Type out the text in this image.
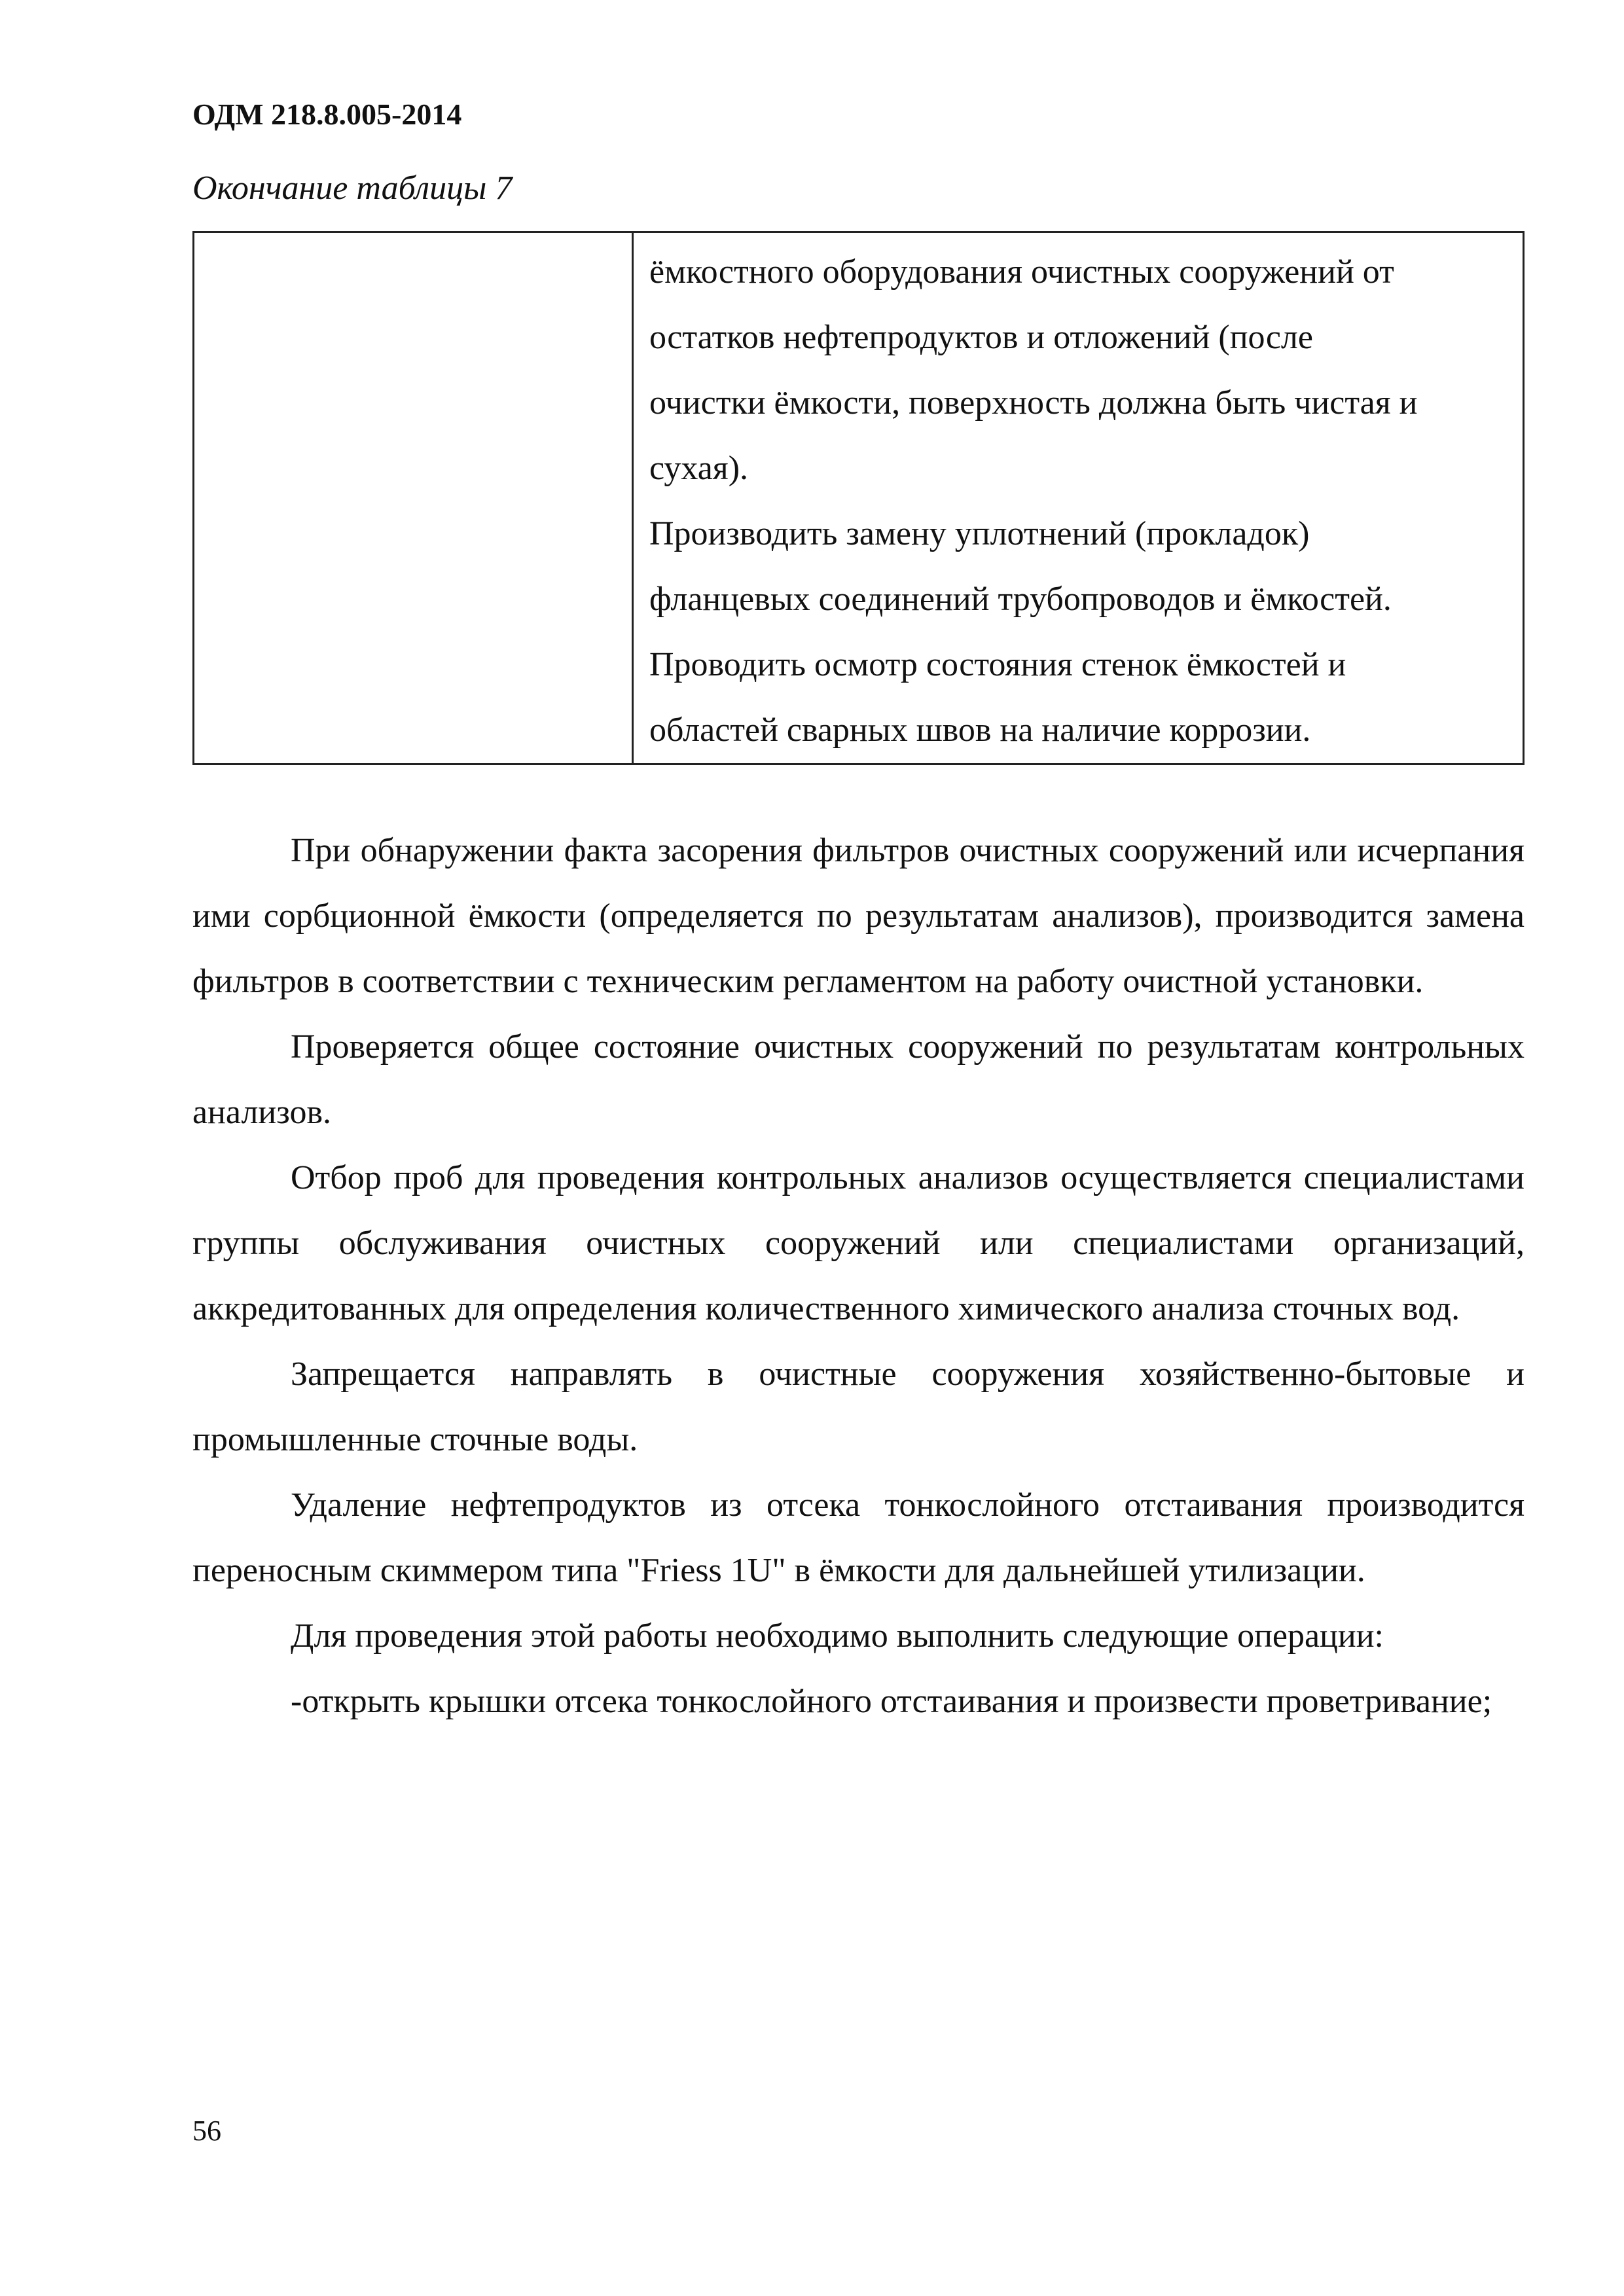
ОДМ 218.8.005-2014

Окончание таблицы 7

ёмкостного оборудования очистных сооружений от

остатков нефтепродуктов и отложений (после

очистки ёмкости, поверхность должна быть чистая и

сухая).

Производить замену уплотнений (прокладок)

фланцевых соединений трубопроводов и ёмкостей.

Проводить осмотр состояния стенок ёмкостей и

областей сварных швов на наличие коррозии.

При обнаружении факта засорения фильтров очистных сооружений или исчерпания ими сорбционной ёмкости (определяется по результатам анализов), производится замена фильтров в соответствии с техническим регламентом на работу очистной установки.

Проверяется общее состояние очистных сооружений по результатам контрольных анализов.

Отбор проб для проведения контрольных анализов осуществляется специалистами группы обслуживания очистных сооружений или специалистами организаций, аккредитованных для определения количественного химического анализа сточных вод.

Запрещается направлять в очистные сооружения хозяйственно-бытовые и промышленные сточные воды.

Удаление нефтепродуктов из отсека тонкослойного отстаивания производится переносным скиммером типа "Friess 1U" в ёмкости для дальнейшей утилизации.

Для проведения этой работы необходимо выполнить следующие операции:

-открыть крышки отсека тонкослойного отстаивания и произвести проветривание;

56
